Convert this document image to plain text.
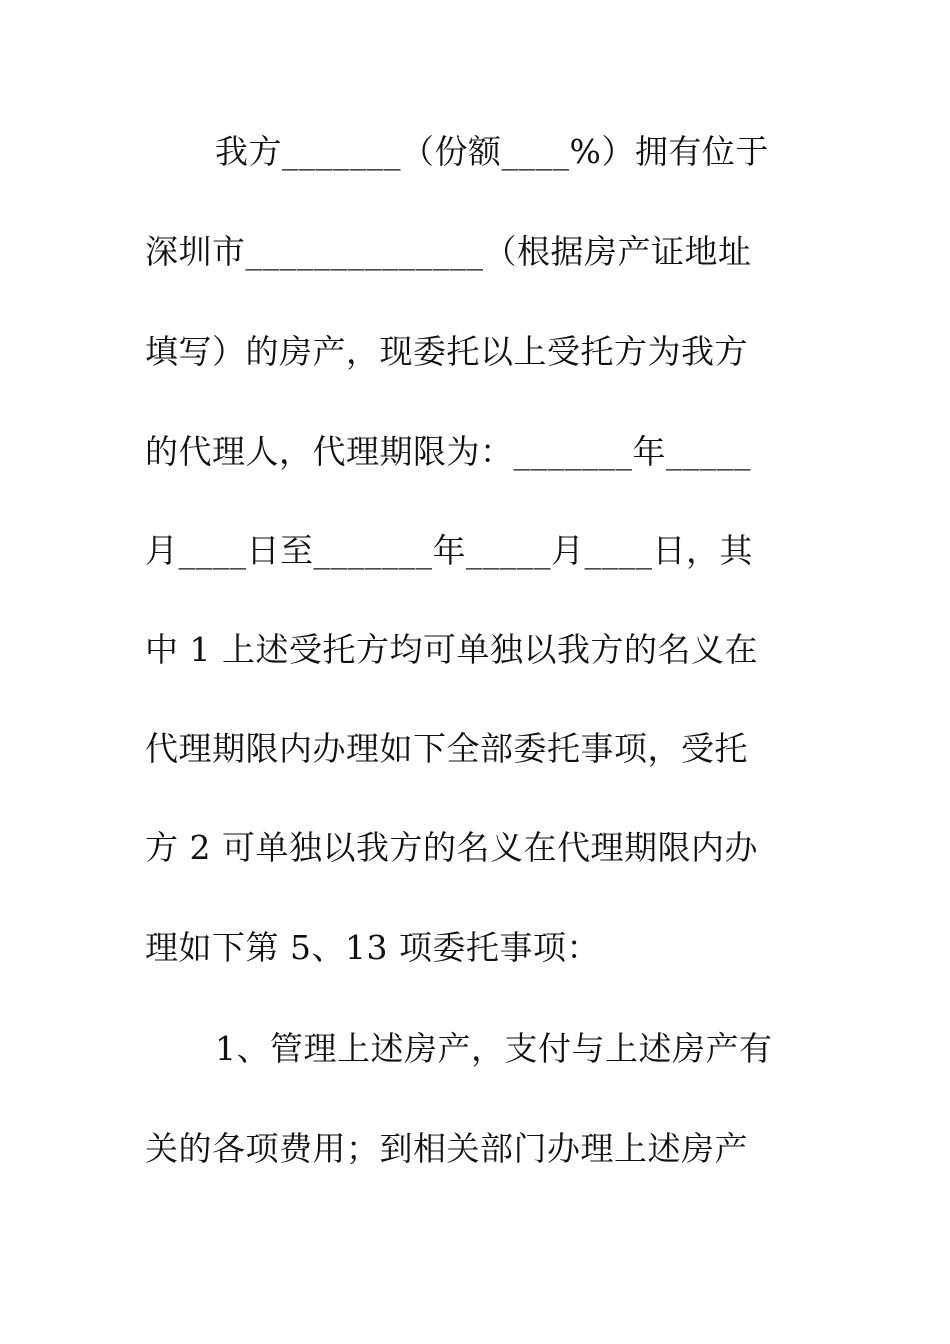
我方_______（份额____%）拥有位于
深圳市______________（根据房产证地址
填写）的房产，现委托以上受托方为我方
的代理人，代理期限为：_______年_____
月____日至_______年_____月____日，其
中 1 上述受托方均可单独以我方的名义在
代理期限内办理如下全部委托事项，受托
方 2 可单独以我方的名义在代理期限内办
理如下第 5、13 项委托事项：
1、管理上述房产，支付与上述房产有
关的各项费用；到相关部门办理上述房产
